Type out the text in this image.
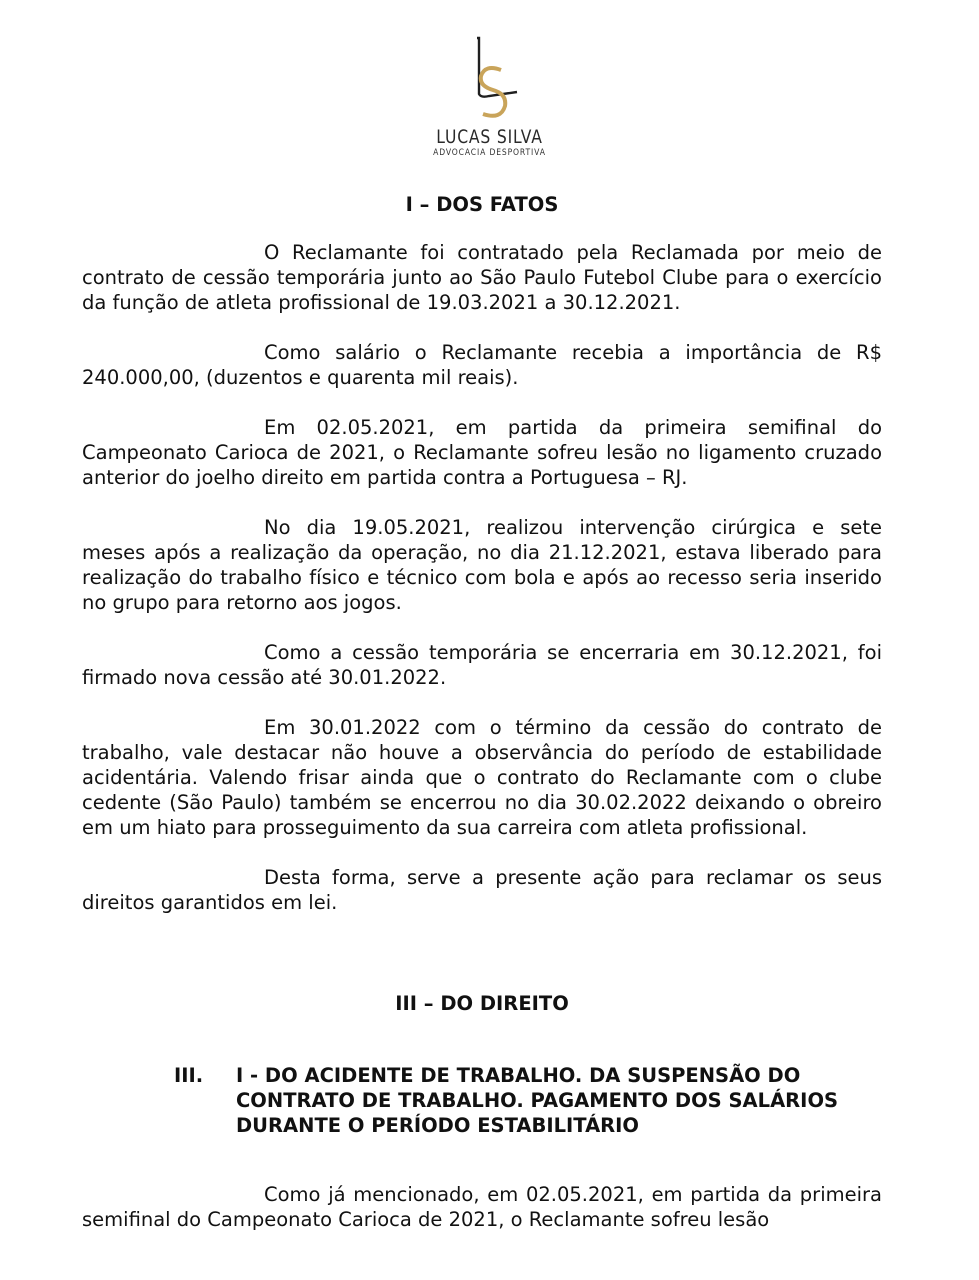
LUCAS SILVA
ADVOCACIA DESPORTIVA
I – DOS FATOS

O Reclamante foi contratado pela Reclamada por meio de contrato de cessão temporária junto ao São Paulo Futebol Clube para o exercício da função de atleta profissional de 19.03.2021 a 30.12.2021.

Como salário o Reclamante recebia a importância de R$ 240.000,00, (duzentos e quarenta mil reais).

Em 02.05.2021, em partida da primeira semifinal do Campeonato Carioca de 2021, o Reclamante sofreu lesão no ligamento cruzado anterior do joelho direito em partida contra a Portuguesa – RJ.

No dia 19.05.2021, realizou intervenção cirúrgica e sete meses após a realização da operação, no dia 21.12.2021, estava liberado para realização do trabalho físico e técnico com bola e após ao recesso seria inserido no grupo para retorno aos jogos.

Como a cessão temporária se encerraria em 30.12.2021, foi firmado nova cessão até 30.01.2022.

Em 30.01.2022 com o término da cessão do contrato de trabalho, vale destacar não houve a observância do período de estabilidade acidentária. Valendo frisar ainda que o contrato do Reclamante com o clube cedente (São Paulo) também se encerrou no dia 30.02.2022 deixando o obreiro em um hiato para prosseguimento da sua carreira com atleta profissional.

Desta forma, serve a presente ação para reclamar os seus direitos garantidos em lei.

III – DO DIREITO
III.	I - DO ACIDENTE DE TRABALHO. DA SUSPENSÃO DO CONTRATO DE TRABALHO. PAGAMENTO DOS SALÁRIOS DURANTE O PERÍODO ESTABILITÁRIO

Como já mencionado, em 02.05.2021, em partida da primeira semifinal do Campeonato Carioca de 2021, o Reclamante sofreu lesão
